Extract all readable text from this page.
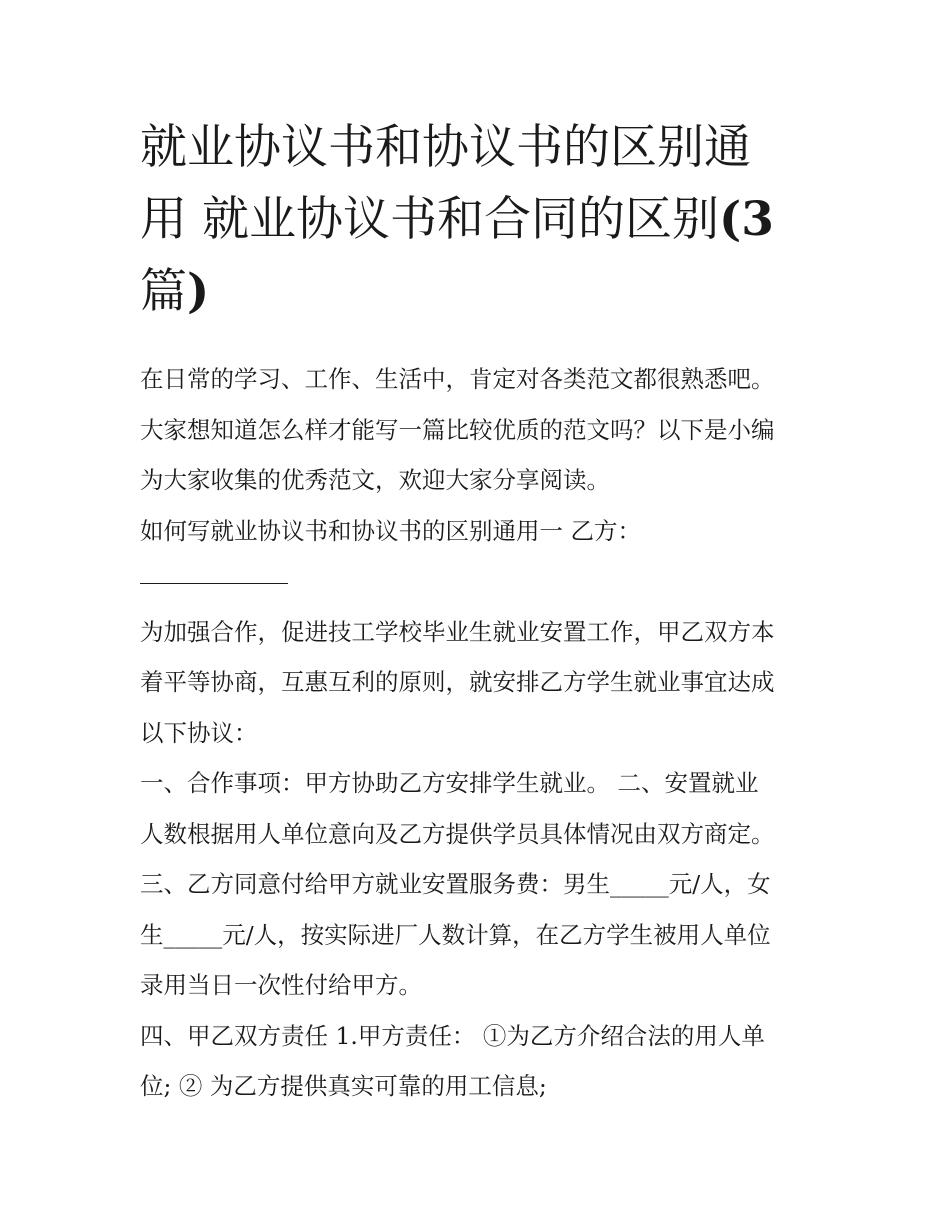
就业协议书和协议书的区别通
用 就业协议书和合同的区别(3
篇)

在日常的学习、工作、生活中，肯定对各类范文都很熟悉吧。

大家想知道怎么样才能写一篇比较优质的范文吗？以下是小编

为大家收集的优秀范文，欢迎大家分享阅读。

如何写就业协议书和协议书的区别通用一 乙方：

为加强合作，促进技工学校毕业生就业安置工作，甲乙双方本

着平等协商，互惠互利的原则，就安排乙方学生就业事宜达成

以下协议：

一、合作事项：甲方协助乙方安排学生就业。 二、安置就业

人数根据用人单位意向及乙方提供学员具体情况由双方商定。

三、乙方同意付给甲方就业安置服务费：男生_____元/人，女

生_____元/人，按实际进厂人数计算，在乙方学生被用人单位

录用当日一次性付给甲方。

四、甲乙双方责任 1.甲方责任： ①为乙方介绍合法的用人单

位; ② 为乙方提供真实可靠的用工信息;
